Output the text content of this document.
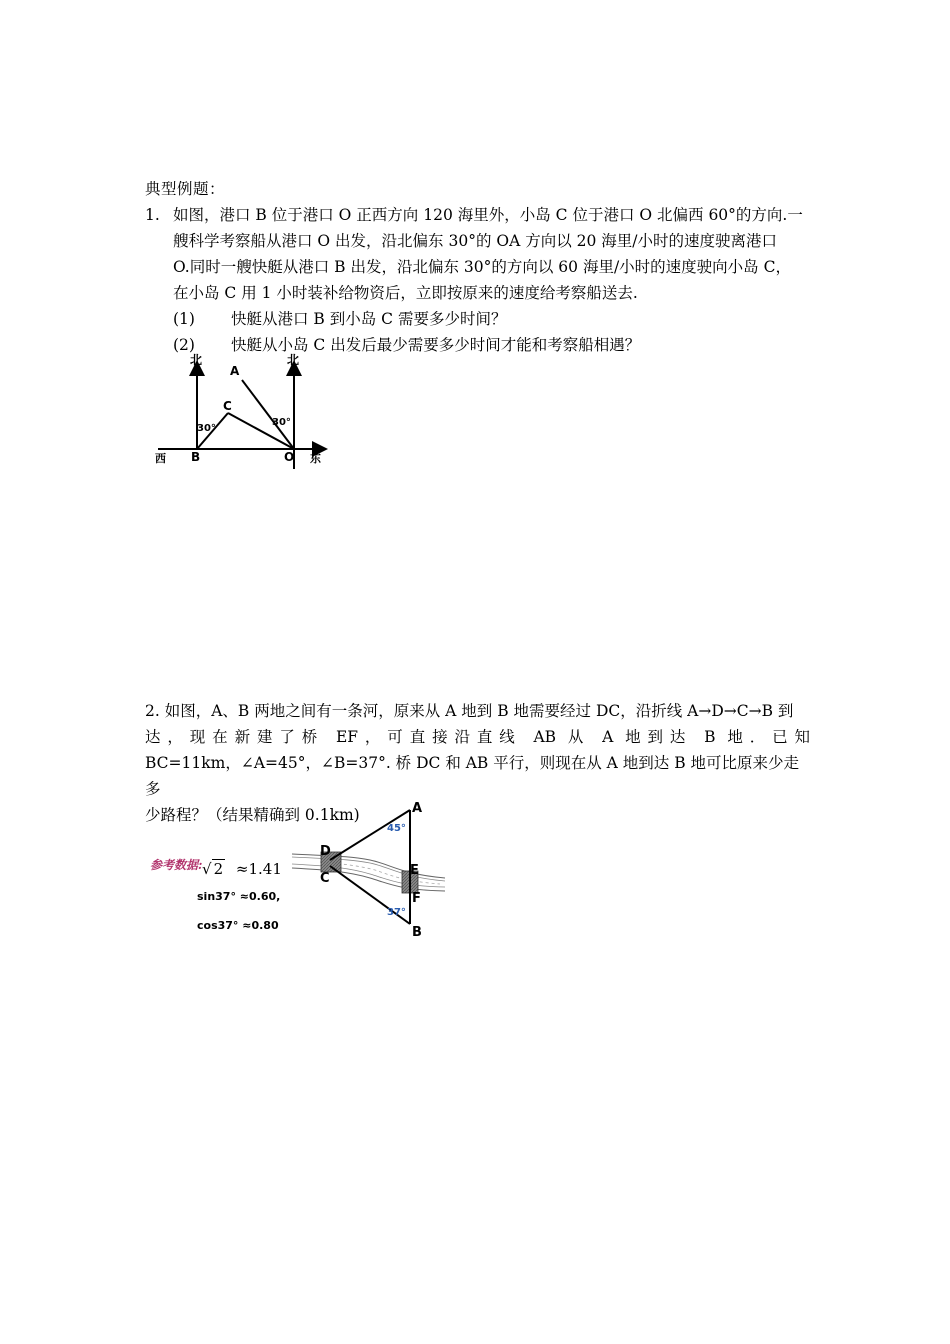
典型例题：
1. 如图，港口 B 位于港口 O 正西方向 120 海里外，小岛 C 位于港口 O 北偏西 60°的方向.一
艘科学考察船从港口 O 出发，沿北偏东 30°的 OA 方向以 20 海里/小时的速度驶离港口
O.同时一艘快艇从港口 B 出发，沿北偏东 30°的方向以 60 海里/小时的速度驶向小岛 C，
在小岛 C 用 1 小时装补给物资后，立即按原来的速度给考察船送去.
(1) 快艇从港口 B 到小岛 C 需要多少时间？
(2) 快艇从小岛 C 出发后最少需要多少时间才能和考察船相遇？
北	北
西	东
A
B
C
O
30°
30°
2. 如图，A、B 两地之间有一条河，原来从 A 地到 B 地需要经过 DC，沿折线 A→D→C→B 到
达，现在新建了桥 EF，可直接沿直线 AB 从 A 地到达 B 地．已知
BC=11km，∠A=45°，∠B=37°. 桥 DC 和 AB 平行，则现在从 A 地到达 B 地可比原来少走多
少路程？（结果精确到 0.1km)
参考数据: √ 2 ≈1.41
sin37° ≈0.60,
cos37° ≈0.80
A
B
D
C
E
F
45°
37°
